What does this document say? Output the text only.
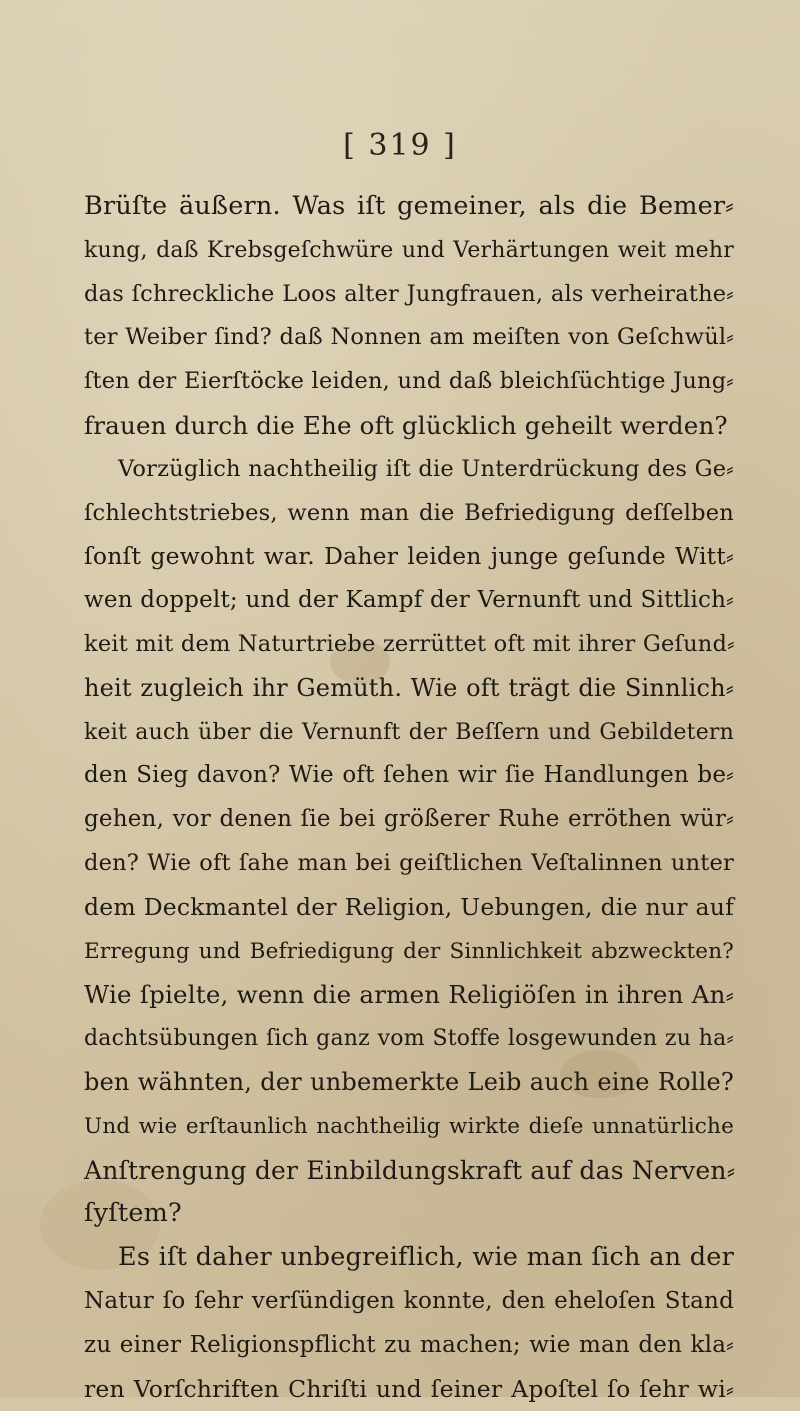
[ 319 ]
Brüſte äußern. Was iſt gemeiner, als die Bemer⸗
kung, daß Krebsgeſchwüre und Verhärtungen weit mehr
das ſchreckliche Loos alter Jungfrauen, als verheirathe⸗
ter Weiber ſind? daß Nonnen am meiſten von Geſchwül⸗
ſten der Eierſtöcke leiden, und daß bleichſüchtige Jung⸗
frauen durch die Ehe oft glücklich geheilt werden?
Vorzüglich nachtheilig iſt die Unterdrückung des Ge⸗
ſchlechtstriebes, wenn man die Befriedigung deſſelben
ſonſt gewohnt war. Daher leiden junge geſunde Witt⸗
wen doppelt; und der Kampf der Vernunft und Sittlich⸗
keit mit dem Naturtriebe zerrüttet oft mit ihrer Geſund⸗
heit zugleich ihr Gemüth. Wie oft trägt die Sinnlich⸗
keit auch über die Vernunft der Beſſern und Gebildetern
den Sieg davon? Wie oft ſehen wir ſie Handlungen be⸗
gehen, vor denen ſie bei größerer Ruhe erröthen wür⸗
den? Wie oft ſahe man bei geiſtlichen Veſtalinnen unter
dem Deckmantel der Religion, Uebungen, die nur auf
Erregung und Befriedigung der Sinnlichkeit abzweckten?
Wie ſpielte, wenn die armen Religiöſen in ihren An⸗
dachtsübungen ſich ganz vom Stoffe losgewunden zu ha⸗
ben wähnten, der unbemerkte Leib auch eine Rolle?
Und wie erſtaunlich nachtheilig wirkte dieſe unnatürliche
Anſtrengung der Einbildungskraft auf das Nerven⸗
ſyſtem?
Es iſt daher unbegreiflich, wie man ſich an der
Natur ſo ſehr verſündigen konnte, den eheloſen Stand
zu einer Religionspflicht zu machen; wie man den kla⸗
ren Vorſchriften Chriſti und ſeiner Apoſtel ſo ſehr wi⸗
